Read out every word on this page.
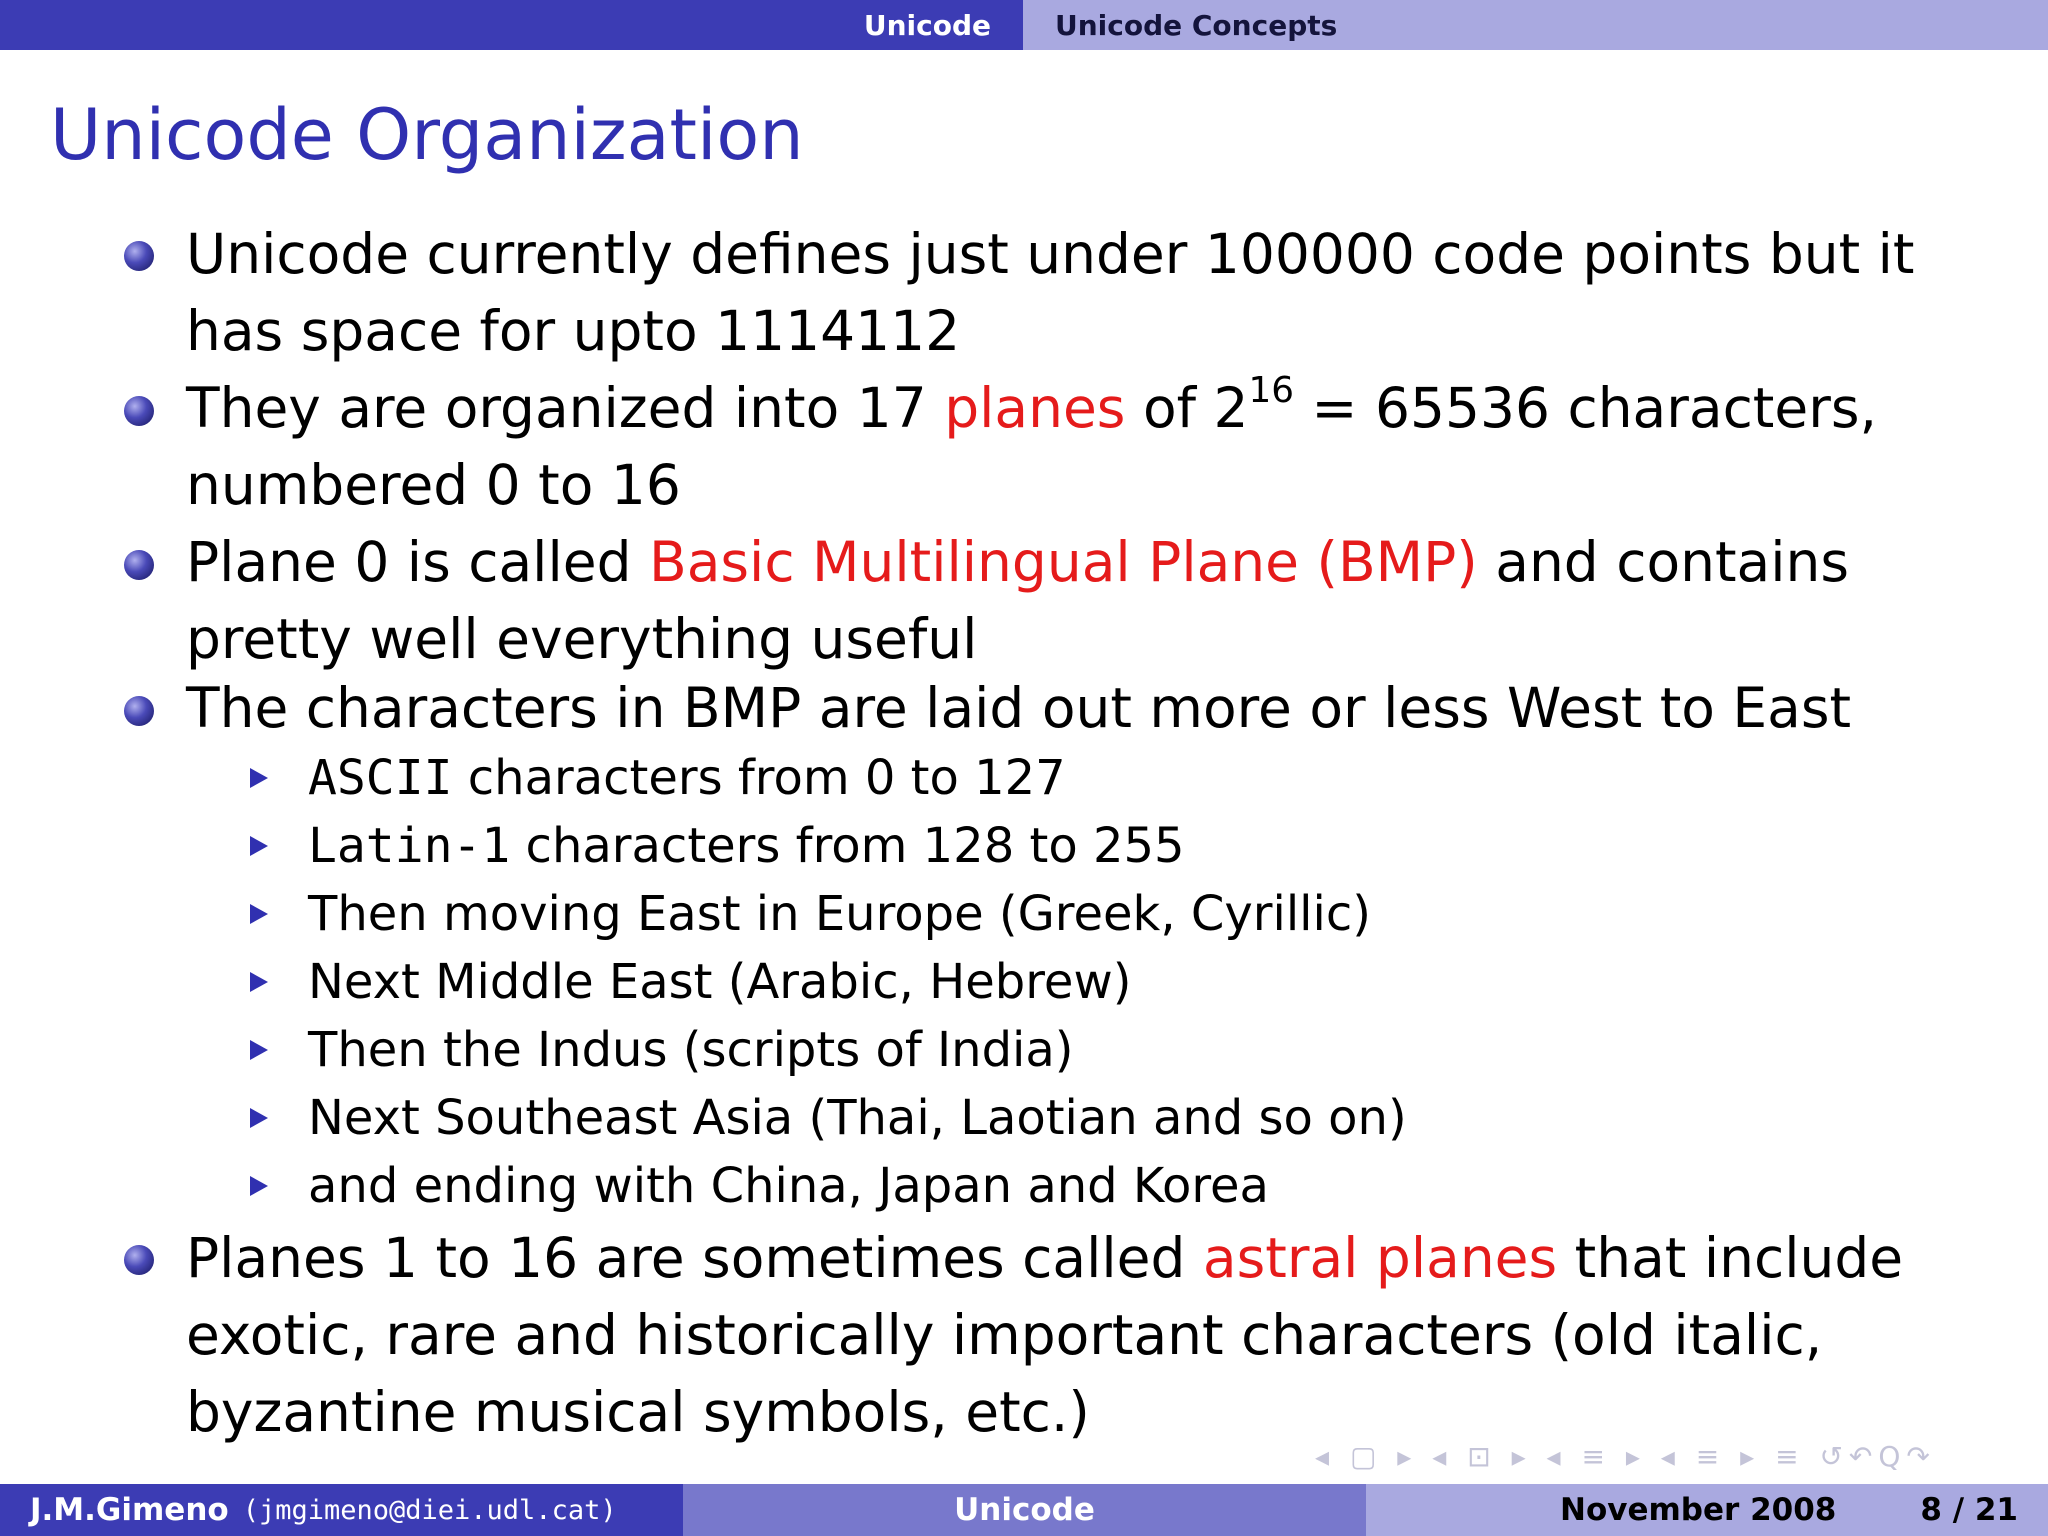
Unicode	Unicode Concepts
Unicode Organization
Unicode currently defines just under 100000 code points but it has space for upto 1114112
They are organized into 17 planes of $2^{16} = 65536$ characters, numbered 0 to 16
Plane 0 is called Basic Multilingual Plane (BMP) and contains pretty well everything useful
The characters in BMP are laid out more or less West to East
ASCII characters from 0 to 127
Latin-1 characters from 128 to 255
Then moving East in Europe (Greek, Cyrillic)
Next Middle East (Arabic, Hebrew)
Then the Indus (scripts of India)
Next Southeast Asia (Thai, Laotian and so on)
and ending with China, Japan and Korea
Planes 1 to 16 are sometimes called astral planes that include exotic, rare and historically important characters (old italic, byzantine musical symbols, etc.)
◂ ▢ ▸ ◂ ⊡ ▸ ◂ ≡ ▸ ◂ ≡ ▸ ≡ ↺↶Q↷
J.M.Gimeno (jmgimeno@diei.udl.cat)	Unicode	November 2008	8 / 21
